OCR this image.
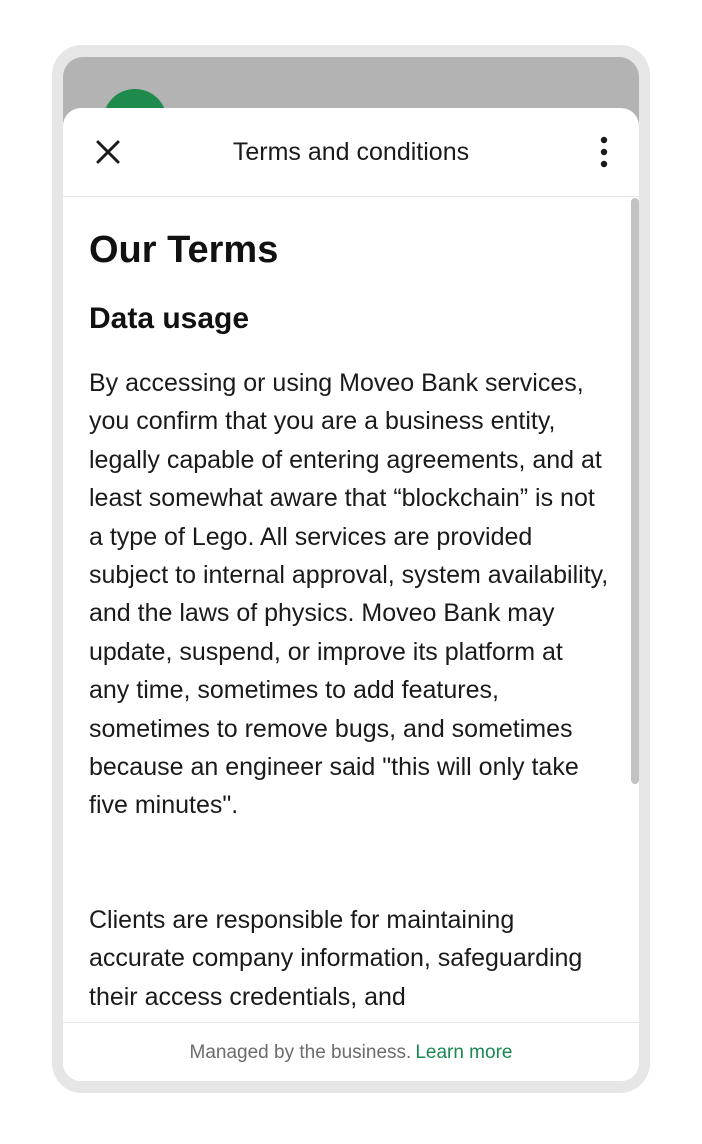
Terms and conditions
Our Terms
Data usage

By accessing or using Moveo Bank services, you confirm that you are a business entity, legally capable of entering agreements, and at least somewhat aware that “blockchain” is not a type of Lego. All services are provided subject to internal approval, system availability, and the laws of physics. Moveo Bank may update, suspend, or improve its platform at any time, sometimes to add features, sometimes to remove bugs, and sometimes because an engineer said "this will only take five minutes".

Clients are responsible for maintaining accurate company information, safeguarding their access credentials, and

Managed by the business. Learn more
